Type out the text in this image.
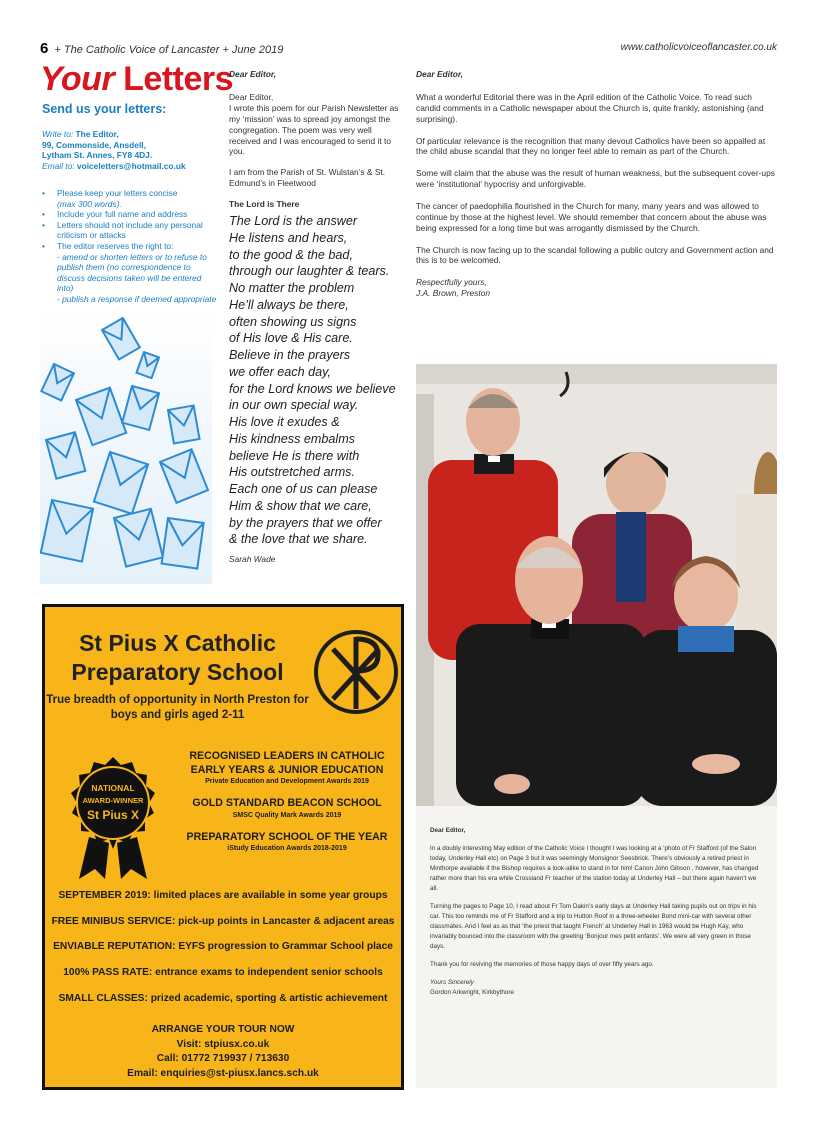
6 + The Catholic Voice of Lancaster + June 2019	www.catholicvoiceoflancaster.co.uk
Your Letters
Send us your letters:
Write to: The Editor,
99, Commonside, Ansdell,
Lytham St. Annes, FY8 4DJ.
Email to: voiceletters@hotmail.co.uk
• Please keep your letters concise
(max 300 words).
• Include your full name and address
• Letters should not include any personal criticism or attacks
• The editor reserves the right to:
- amend or shorten letters or to refuse to publish them (no correspondence to discuss decisions taken will be entered into)
- publish a response if deemed appropriate
Dear Editor,

Dear Editor,
I wrote this poem for our Parish Newsletter as my ‘mission’ was to spread joy amongst the congregation. The poem was very well received and I was encouraged to send it to you.

I am from the Parish of St. Wulstan’s & St. Edmund’s in Fleetwood

The Lord is There
The Lord is the answer
He listens and hears,
to the good & the bad,
through our laughter & tears.
No matter the problem
He’ll always be there,
often showing us signs
of His love & His care.
Believe in the prayers
we offer each day,
for the Lord knows we believe
in our own special way.
His love it exudes &
His kindness embalms
believe He is there with
His outstretched arms.
Each one of us can please
Him & show that we care,
by the prayers that we offer
& the love that we share.
Sarah Wade
Dear Editor,

What a wonderful Editorial there was in the April edition of the Catholic Voice. To read such candid comments in a Catholic newspaper about the Church is, quite frankly, astonishing (and surprising).

Of particular relevance is the recognition that many devout Catholics have been so appalled at the child abuse scandal that they no longer feel able to remain as part of the Church.

Some will claim that the abuse was the result of human weakness, but the subsequent cover-ups were ‘institutional’ hypocrisy and unforgivable.

The cancer of paedophilia flourished in the Church for many, many years and was allowed to continue by those at the highest level. We should remember that concern about the abuse was being expressed for a long time but was arrogantly dismissed by the Church.

The Church is now facing up to the scandal following a public outcry and Government action and this is to be welcomed.

Respectfully yours,
J.A. Brown, Preston

Dear Editor,

In a doubly interesting May edition of the Catholic Voice I thought I was looking at a ‘photo of Fr Stafford (of the Salon today, Underley Hall etc) on Page 3 but it was seemingly Monsignor Seesbrick. There’s obviously a retired priest in Minthorpe available if the Bishop requires a look-alike to stand in for him! Canon John Gibson , however, has changed rather more than his era while Crossland Fr teacher of the station today at Underley Hall – but there again haven’t we all.

Turning the pages to Page 10, I read about Fr Tom Dakin’s early days at Underley Hall taking pupils out on trips in his car. This too reminds me of Fr Stafford and a trip to Hutton Roof in a three-wheeler Bond mini-car with several other classmates. And I feel as as that ‘the priest that taught French’ at Underley Hall in 1963 would be Hugh Kay, who invariably bounced into the classroom with the greeting ‘Bonjour mes petit enfants’. We were all very green in those days.

Thank you for reviving the memories of those happy days of over fifty years ago.

Yours Sincerely
Gordon Arkwright, Kirkbythore
St Pius X Catholic Preparatory School
True breadth of opportunity in North Preston for boys and girls aged 2-11
NATIONAL
AWARD-WINNER
St Pius X
RECOGNISED LEADERS IN CATHOLIC EARLY YEARS & JUNIOR EDUCATION
Private Education and Development Awards 2019
GOLD STANDARD BEACON SCHOOL
SMSC Quality Mark Awards 2019
PREPARATORY SCHOOL OF THE YEAR
iStudy Education Awards 2018-2019
SEPTEMBER 2019: limited places are available in some year groups
FREE MINIBUS SERVICE: pick-up points in Lancaster & adjacent areas
ENVIABLE REPUTATION: EYFS progression to Grammar School place
100% PASS RATE: entrance exams to independent senior schools
SMALL CLASSES: prized academic, sporting & artistic achievement
ARRANGE YOUR TOUR NOW
Visit: stpiusx.co.uk
Call: 01772 719937 / 713630
Email: enquiries@st-piusx.lancs.sch.uk
